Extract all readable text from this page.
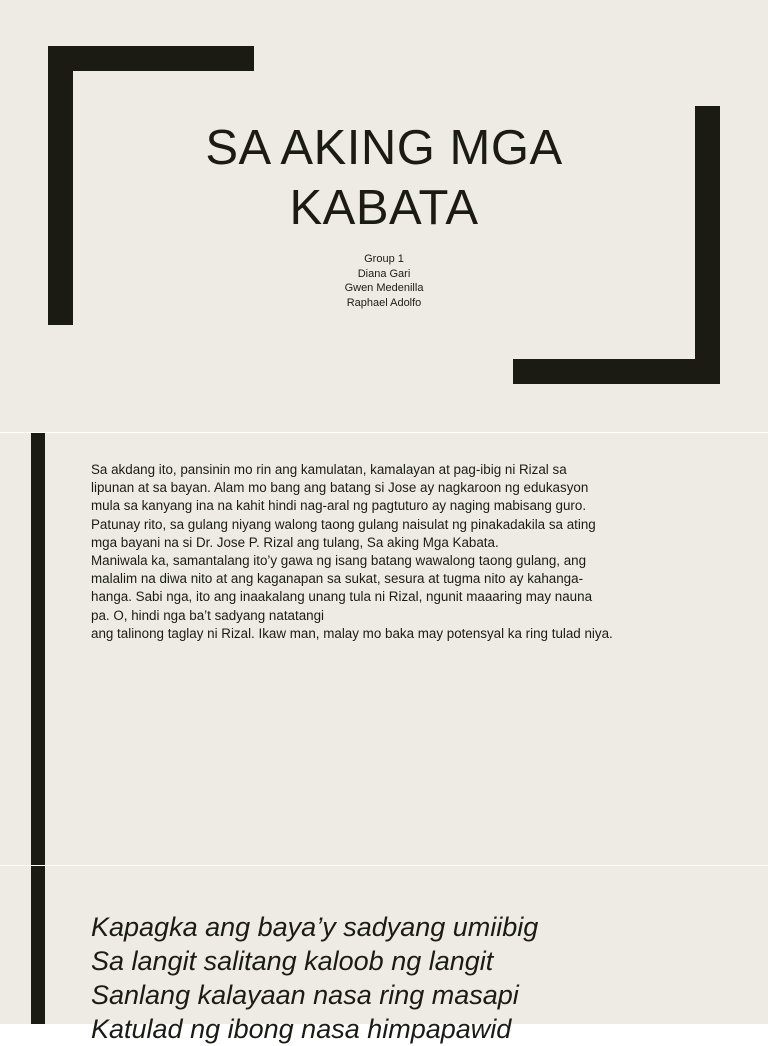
SA AKING MGA
KABATA
Group 1
Diana Gari
Gwen Medenilla
Raphael Adolfo
Sa akdang ito, pansinin mo rin ang kamulatan, kamalayan at pag-ibig ni Rizal sa
lipunan at sa bayan. Alam mo bang ang batang si Jose ay nagkaroon ng edukasyon
mula sa kanyang ina na kahit hindi nag-aral ng pagtuturo ay naging mabisang guro.
Patunay rito, sa gulang niyang walong taong gulang naisulat ng pinakadakila sa ating
mga bayani na si Dr. Jose P. Rizal ang tulang, Sa aking Mga Kabata.
Maniwala ka, samantalang ito’y gawa ng isang batang wawalong taong gulang, ang
malalim na diwa nito at ang kaganapan sa sukat, sesura at tugma nito ay kahanga-
hanga. Sabi nga, ito ang inaakalang unang tula ni Rizal, ngunit maaaring may nauna
pa. O, hindi nga ba’t sadyang natatangi
ang talinong taglay ni Rizal. Ikaw man, malay mo baka may potensyal ka ring tulad niya.
Kapagka ang baya’y sadyang umiibig
Sa langit salitang kaloob ng langit
Sanlang kalayaan nasa ring masapi
Katulad ng ibong nasa himpapawid
